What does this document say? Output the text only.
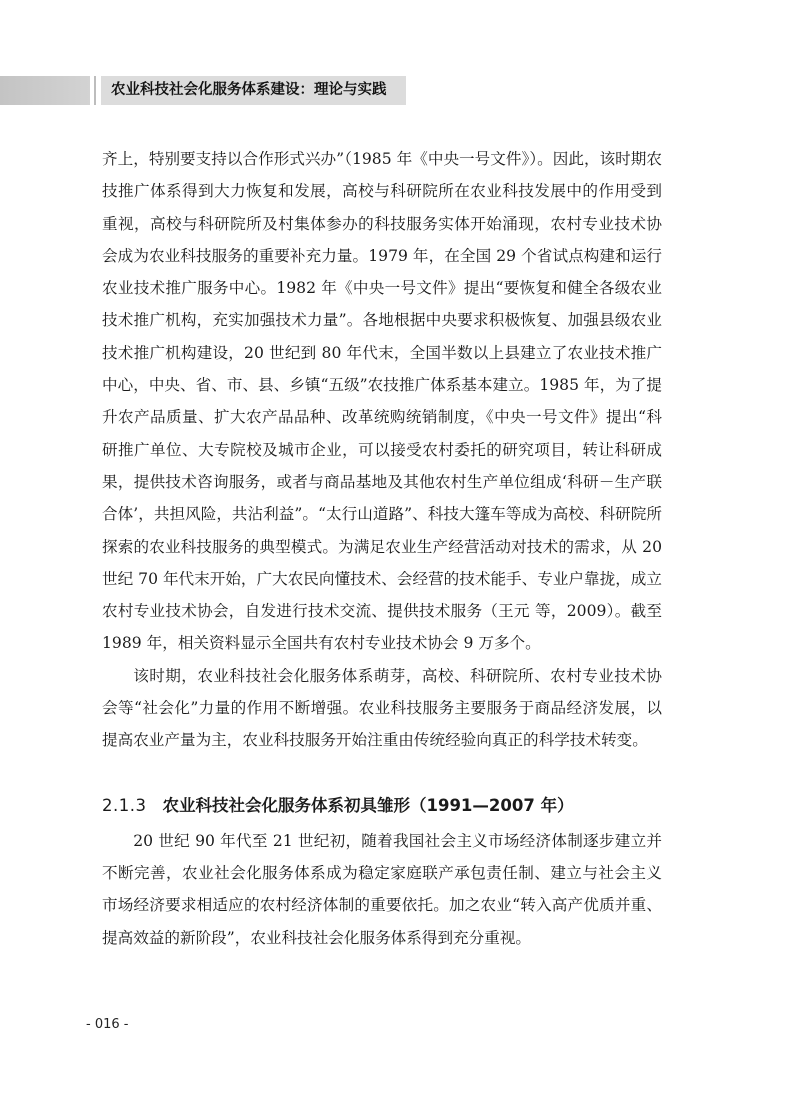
农业科技社会化服务体系建设：理论与实践

齐上，特别要支持以合作形式兴办”（1985 年《中央一号文件》）。因此，该时期农技推广体系得到大力恢复和发展，高校与科研院所在农业科技发展中的作用受到重视，高校与科研院所及村集体参办的科技服务实体开始涌现，农村专业技术协会成为农业科技服务的重要补充力量。1979 年，在全国 29 个省试点构建和运行农业技术推广服务中心。1982 年《中央一号文件》提出“要恢复和健全各级农业技术推广机构，充实加强技术力量”。各地根据中央要求积极恢复、加强县级农业技术推广机构建设，20 世纪到 80 年代末，全国半数以上县建立了农业技术推广中心，中央、省、市、县、乡镇“五级”农技推广体系基本建立。1985 年，为了提升农产品质量、扩大农产品品种、改革统购统销制度，《中央一号文件》提出“科研推广单位、大专院校及城市企业，可以接受农村委托的研究项目，转让科研成果，提供技术咨询服务，或者与商品基地及其他农村生产单位组成‘科研－生产联合体’，共担风险，共沾利益”。“太行山道路”、科技大篷车等成为高校、科研院所探索的农业科技服务的典型模式。为满足农业生产经营活动对技术的需求，从 20 世纪 70 年代末开始，广大农民向懂技术、会经营的技术能手、专业户靠拢，成立农村专业技术协会，自发进行技术交流、提供技术服务（王元 等，2009）。截至 1989 年，相关资料显示全国共有农村专业技术协会 9 万多个。

该时期，农业科技社会化服务体系萌芽，高校、科研院所、农村专业技术协会等“社会化”力量的作用不断增强。农业科技服务主要服务于商品经济发展，以提高农业产量为主，农业科技服务开始注重由传统经验向真正的科学技术转变。

2.1.3 农业科技社会化服务体系初具雏形（1991—2007 年）

20 世纪 90 年代至 21 世纪初，随着我国社会主义市场经济体制逐步建立并不断完善，农业社会化服务体系成为稳定家庭联产承包责任制、建立与社会主义市场经济要求相适应的农村经济体制的重要依托。加之农业“转入高产优质并重、提高效益的新阶段”，农业科技社会化服务体系得到充分重视。

- 016 -
